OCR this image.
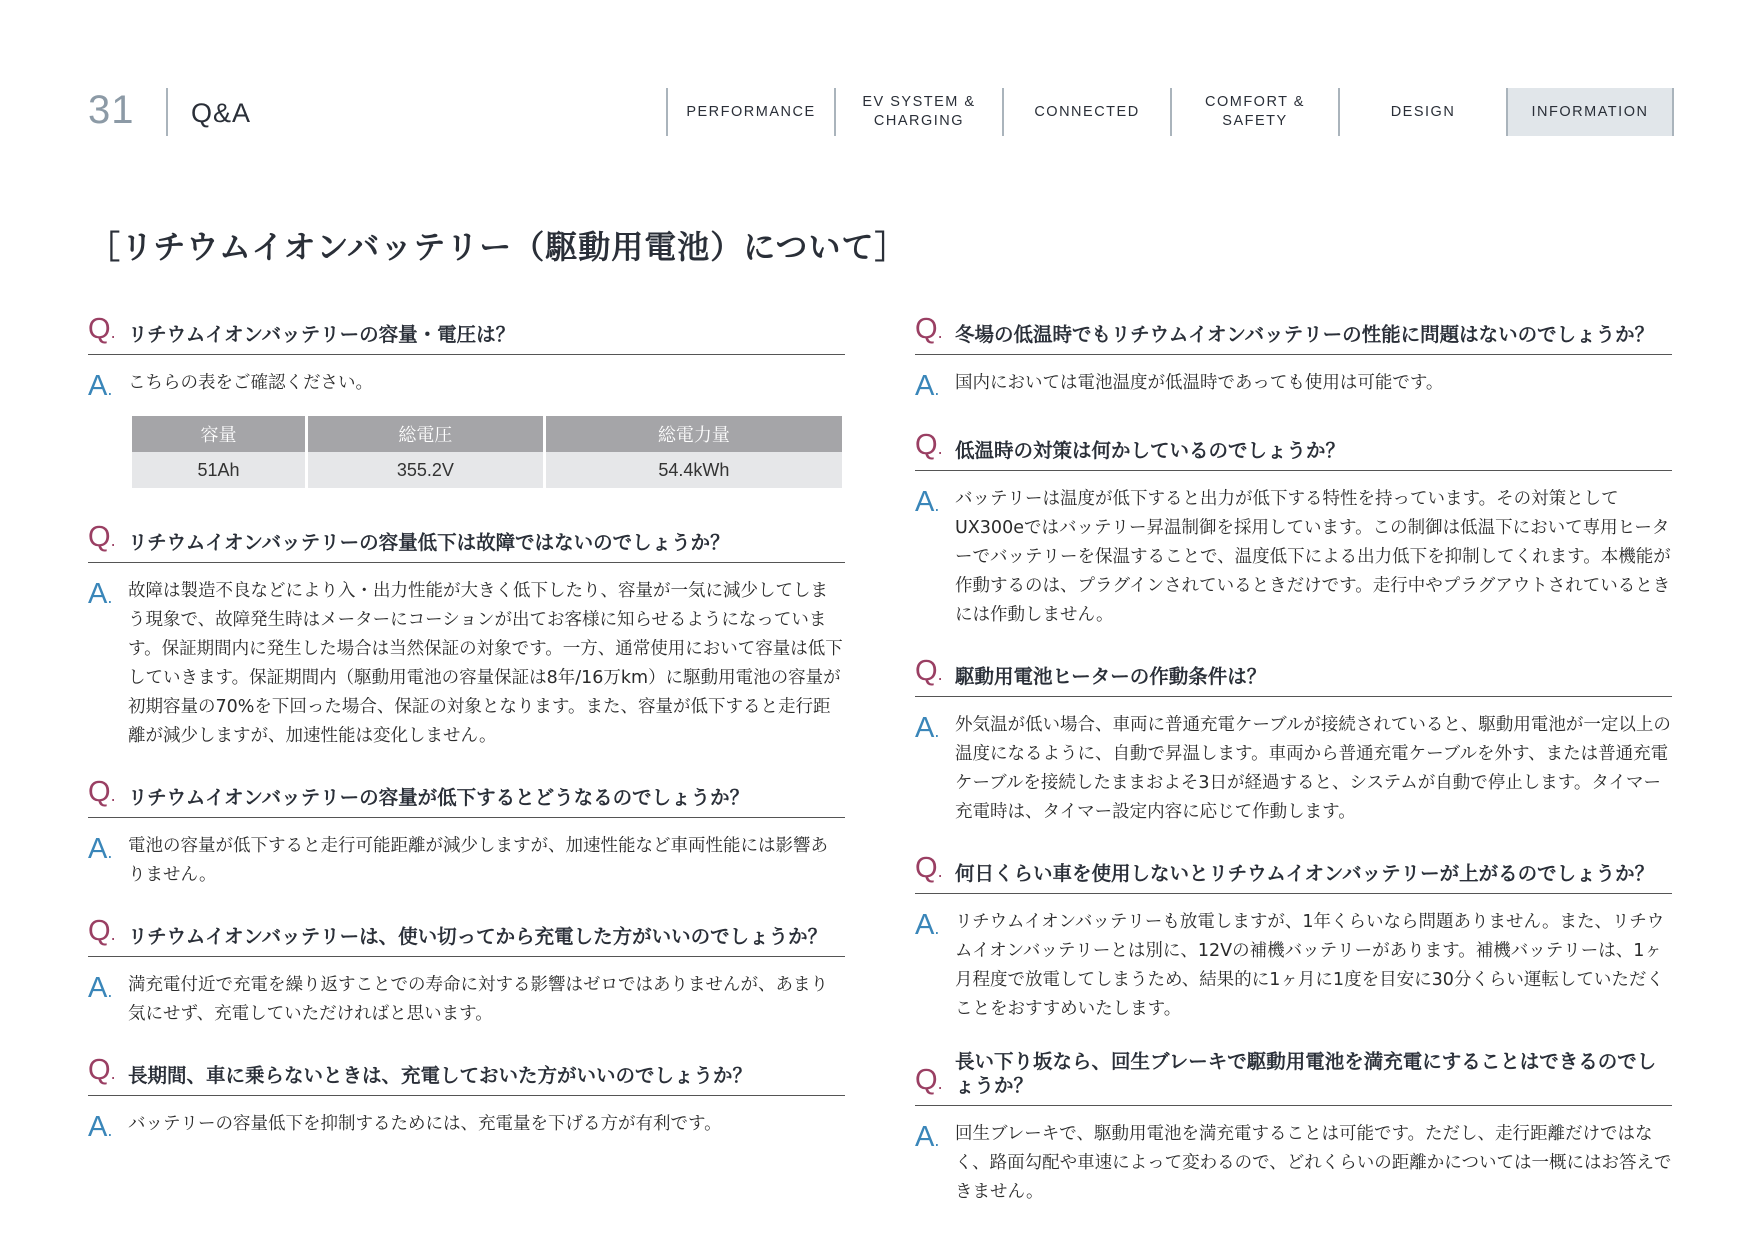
31 Q&A	PERFORMANCE
EV SYSTEM &
CHARGING
CONNECTED
COMFORT &
SAFETY
DESIGN	INFORMATION
［リチウムイオンバッテリー（駆動用電池）について］
Q. リチウムイオンバッテリーの容量・電圧は？
A. こちらの表をご確認ください。
容量	総電圧	総電力量
51Ah	355.2V	54.4kWh
Q. リチウムイオンバッテリーの容量低下は故障ではないのでしょうか？
A. 故障は製造不良などにより入・出力性能が大きく低下したり、容量が一気に減少してしまう現象で、故障発生時はメーターにコーションが出てお客様に知らせるようになっています。保証期間内に発生した場合は当然保証の対象です。一方、通常使用において容量は低下していきます。保証期間内（駆動用電池の容量保証は8年/16万km）に駆動用電池の容量が初期容量の70%を下回った場合、保証の対象となります。また、容量が低下すると走行距離が減少しますが、加速性能は変化しません。
Q. リチウムイオンバッテリーの容量が低下するとどうなるのでしょうか？
A. 電池の容量が低下すると走行可能距離が減少しますが、加速性能など車両性能には影響ありません。
Q. リチウムイオンバッテリーは、使い切ってから充電した方がいいのでしょうか？
A. 満充電付近で充電を繰り返すことでの寿命に対する影響はゼロではありませんが、あまり気にせず、充電していただければと思います。
Q. 長期間、車に乗らないときは、充電しておいた方がいいのでしょうか？
A. バッテリーの容量低下を抑制するためには、充電量を下げる方が有利です。
Q. 冬場の低温時でもリチウムイオンバッテリーの性能に問題はないのでしょうか？
A. 国内においては電池温度が低温時であっても使用は可能です。
Q. 低温時の対策は何かしているのでしょうか？
A. バッテリーは温度が低下すると出力が低下する特性を持っています。その対策としてUX300eではバッテリー昇温制御を採用しています。この制御は低温下において専用ヒーターでバッテリーを保温することで、温度低下による出力低下を抑制してくれます。本機能が作動するのは、プラグインされているときだけです。走行中やプラグアウトされているときには作動しません。
Q. 駆動用電池ヒーターの作動条件は？
A. 外気温が低い場合、車両に普通充電ケーブルが接続されていると、駆動用電池が一定以上の温度になるように、自動で昇温します。車両から普通充電ケーブルを外す、または普通充電ケーブルを接続したままおよそ3日が経過すると、システムが自動で停止します。タイマー充電時は、タイマー設定内容に応じて作動します。
Q. 何日くらい車を使用しないとリチウムイオンバッテリーが上がるのでしょうか？
A. リチウムイオンバッテリーも放電しますが、1年くらいなら問題ありません。また、リチウムイオンバッテリーとは別に、12Vの補機バッテリーがあります。補機バッテリーは、1ヶ月程度で放電してしまうため、結果的に1ヶ月に1度を目安に30分くらい運転していただくことをおすすめいたします。
Q.
長い下り坂なら、回生ブレーキで駆動用電池を満充電にすることはできるのでしょうか？
A. 回生ブレーキで、駆動用電池を満充電することは可能です。ただし、走行距離だけではなく、路面勾配や車速によって変わるので、どれくらいの距離かについては一概にはお答えできません。
